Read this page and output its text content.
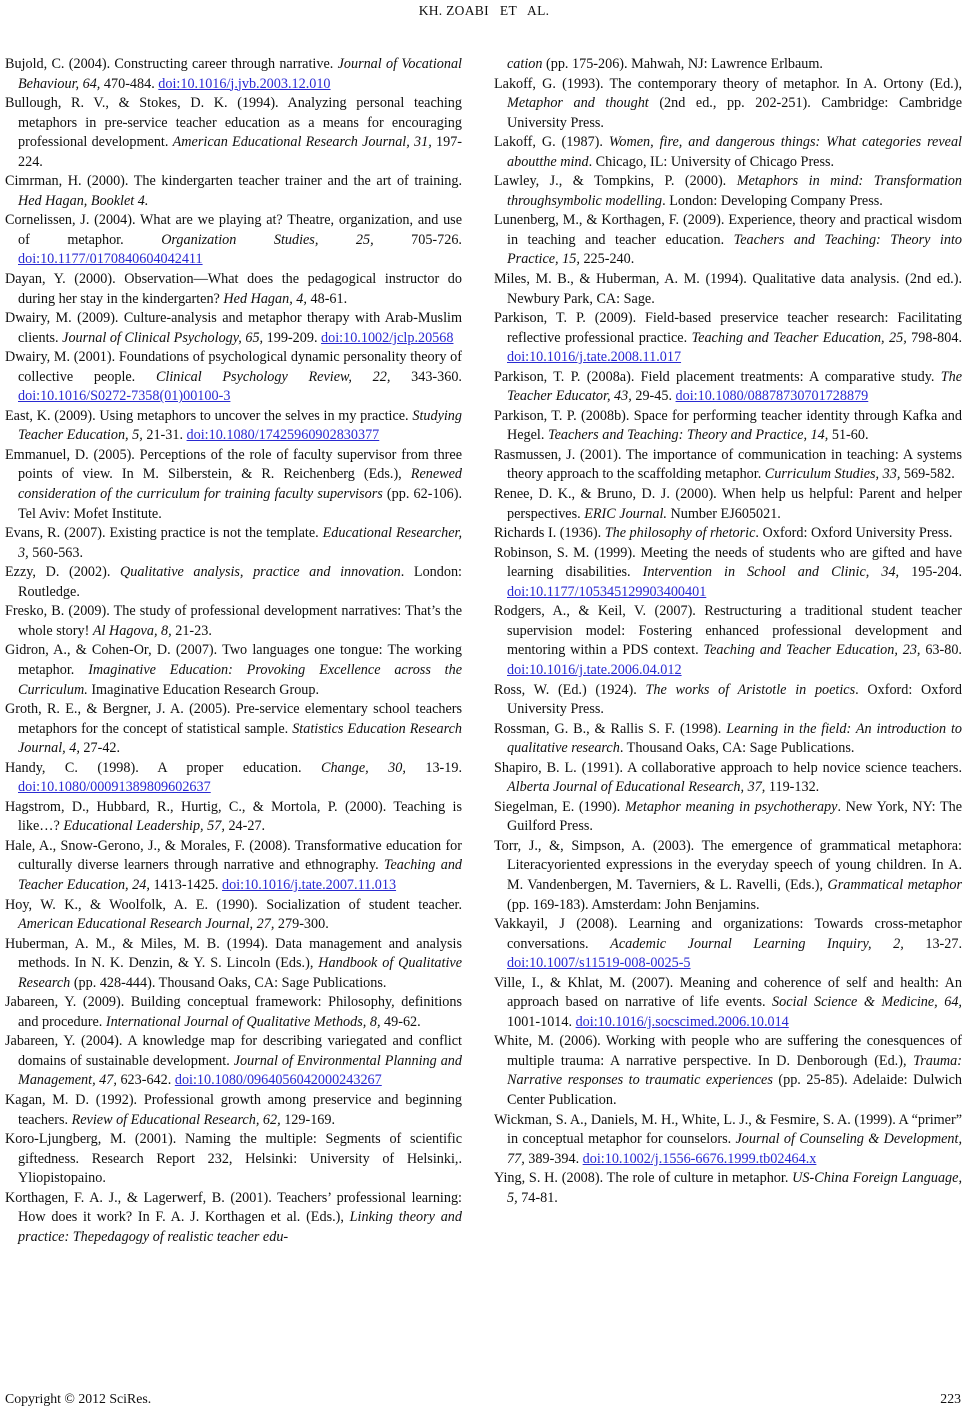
KH. ZOABI   ET   AL.

Bujold, C. (2004). Constructing career through narrative. Journal of Vocational Behaviour, 64, 470-484. doi:10.1016/j.jvb.2003.12.010

Bullough, R. V., & Stokes, D. K. (1994). Analyzing personal teaching metaphors in pre-service teacher education as a means for encouraging professional development. American Educational Research Journal, 31, 197-224.

Cimrman, H. (2000). The kindergarten teacher trainer and the art of training. Hed Hagan, Booklet 4.

Cornelissen, J. (2004). What are we playing at? Theatre, organization, and use of metaphor. Organization Studies, 25, 705-726. doi:10.1177/0170840604042411

Dayan, Y. (2000). Observation—What does the pedagogical instructor do during her stay in the kindergarten? Hed Hagan, 4, 48-61.

Dwairy, M. (2009). Culture-analysis and metaphor therapy with Arab-Muslim clients. Journal of Clinical Psychology, 65, 199-209. doi:10.1002/jclp.20568

Dwairy, M. (2001). Foundations of psychological dynamic personality theory of collective people. Clinical Psychology Review, 22, 343-360. doi:10.1016/S0272-7358(01)00100-3

East, K. (2009). Using metaphors to uncover the selves in my practice. Studying Teacher Education, 5, 21-31. doi:10.1080/17425960902830377

Emmanuel, D. (2005). Perceptions of the role of faculty supervisor from three points of view. In M. Silberstein, & R. Reichenberg (Eds.), Renewed consideration of the curriculum for training faculty supervisors (pp. 62-106). Tel Aviv: Mofet Institute.

Evans, R. (2007). Existing practice is not the template. Educational Researcher, 3, 560-563.

Ezzy, D. (2002). Qualitative analysis, practice and innovation. London: Routledge.

Fresko, B. (2009). The study of professional development narratives: That’s the whole story! Al Hagova, 8, 21-23.

Gidron, A., & Cohen-Or, D. (2007). Two languages one tongue: The working metaphor. Imaginative Education: Provoking Excellence across the Curriculum. Imaginative Education Research Group.

Groth, R. E., & Bergner, J. A. (2005). Pre-service elementary school teachers metaphors for the concept of statistical sample. Statistics Education Research Journal, 4, 27-42.

Handy, C. (1998). A proper education. Change, 30, 13-19. doi:10.1080/00091389809602637

Hagstrom, D., Hubbard, R., Hurtig, C., & Mortola, P. (2000). Teaching is like…? Educational Leadership, 57, 24-27.

Hale, A., Snow-Gerono, J., & Morales, F. (2008). Transformative education for culturally diverse learners through narrative and ethnography. Teaching and Teacher Education, 24, 1413-1425. doi:10.1016/j.tate.2007.11.013

Hoy, W. K., & Woolfolk, A. E. (1990). Socialization of student teacher. American Educational Research Journal, 27, 279-300.

Huberman, A. M., & Miles, M. B. (1994). Data management and analysis methods. In N. K. Denzin, & Y. S. Lincoln (Eds.), Handbook of Qualitative Research (pp. 428-444). Thousand Oaks, CA: Sage Publications.

Jabareen, Y. (2009). Building conceptual framework: Philosophy, definitions and procedure. International Journal of Qualitative Methods, 8, 49-62.

Jabareen, Y. (2004). A knowledge map for describing variegated and conflict domains of sustainable development. Journal of Environmental Planning and Management, 47, 623-642. doi:10.1080/0964056042000243267

Kagan, M. D. (1992). Professional growth among preservice and beginning teachers. Review of Educational Research, 62, 129-169.

Koro-Ljungberg, M. (2001). Naming the multiple: Segments of scientific giftedness. Research Report 232, Helsinki: University of Helsinki,. Yliopistopaino.

Korthagen, F. A. J., & Lagerwerf, B. (2001). Teachers’ professional learning: How does it work? In F. A. J. Korthagen et al. (Eds.), Linking theory and practice: Thepedagogy of realistic teacher edu-

cation (pp. 175-206). Mahwah, NJ: Lawrence Erlbaum.

Lakoff, G. (1993). The contemporary theory of metaphor. In A. Ortony (Ed.), Metaphor and thought (2nd ed., pp. 202-251). Cambridge: Cambridge University Press.

Lakoff, G. (1987). Women, fire, and dangerous things: What categories reveal aboutthe mind. Chicago, IL: University of Chicago Press.

Lawley, J., & Tompkins, P. (2000). Metaphors in mind: Transformation throughsymbolic modelling. London: Developing Company Press.

Lunenberg, M., & Korthagen, F. (2009). Experience, theory and practical wisdom in teaching and teacher education. Teachers and Teaching: Theory into Practice, 15, 225-240.

Miles, M. B., & Huberman, A. M. (1994). Qualitative data analysis. (2nd ed.). Newbury Park, CA: Sage.

Parkison, T. P. (2009). Field-based preservice teacher research: Facilitating reflective professional practice. Teaching and Teacher Education, 25, 798-804. doi:10.1016/j.tate.2008.11.017

Parkison, T. P. (2008a). Field placement treatments: A comparative study. The Teacher Educator, 43, 29-45. doi:10.1080/08878730701728879

Parkison, T. P. (2008b). Space for performing teacher identity through Kafka and Hegel. Teachers and Teaching: Theory and Practice, 14, 51-60.

Rasmussen, J. (2001). The importance of communication in teaching: A systems theory approach to the scaffolding metaphor. Curriculum Studies, 33, 569-582.

Renee, D. K., & Bruno, D. J. (2000). When help us helpful: Parent and helper perspectives. ERIC Journal. Number EJ605021.

Richards I. (1936). The philosophy of rhetoric. Oxford: Oxford University Press.

Robinson, S. M. (1999). Meeting the needs of students who are gifted and have learning disabilities. Intervention in School and Clinic, 34, 195-204. doi:10.1177/105345129903400401

Rodgers, A., & Keil, V. (2007). Restructuring a traditional student teacher supervision model: Fostering enhanced professional development and mentoring within a PDS context. Teaching and Teacher Education, 23, 63-80. doi:10.1016/j.tate.2006.04.012

Ross, W. (Ed.) (1924). The works of Aristotle in poetics. Oxford: Oxford University Press.

Rossman, G. B., & Rallis S. F. (1998). Learning in the field: An introduction to qualitative research. Thousand Oaks, CA: Sage Publications.

Shapiro, B. L. (1991). A collaborative approach to help novice science teachers. Alberta Journal of Educational Research, 37, 119-132.

Siegelman, E. (1990). Metaphor meaning in psychotherapy. New York, NY: The Guilford Press.

Torr, J., &, Simpson, A. (2003). The emergence of grammatical metaphora: Literacyoriented expressions in the everyday speech of young children. In A. M. Vandenbergen, M. Taverniers, & L. Ravelli, (Eds.), Grammatical metaphor (pp. 169-183). Amsterdam: John Benjamins.

Vakkayil, J (2008). Learning and organizations: Towards cross-metaphor conversations. Academic Journal Learning Inquiry, 2, 13-27. doi:10.1007/s11519-008-0025-5

Ville, I., & Khlat, M. (2007). Meaning and coherence of self and health: An approach based on narrative of life events. Social Science & Medicine, 64, 1001-1014. doi:10.1016/j.socscimed.2006.10.014

White, M. (2006). Working with people who are suffering the conesquences of multiple trauma: A narrative perspective. In D. Denborough (Ed.), Trauma: Narrative responses to traumatic experiences (pp. 25-85). Adelaide: Dulwich Center Publication.

Wickman, S. A., Daniels, M. H., White, L. J., & Fesmire, S. A. (1999). A “primer” in conceptual metaphor for counselors. Journal of Counseling & Development, 77, 389-394. doi:10.1002/j.1556-6676.1999.tb02464.x

Ying, S. H. (2008). The role of culture in metaphor. US-China Foreign Language, 5, 74-81.

Copyright © 2012 SciRes.	223
